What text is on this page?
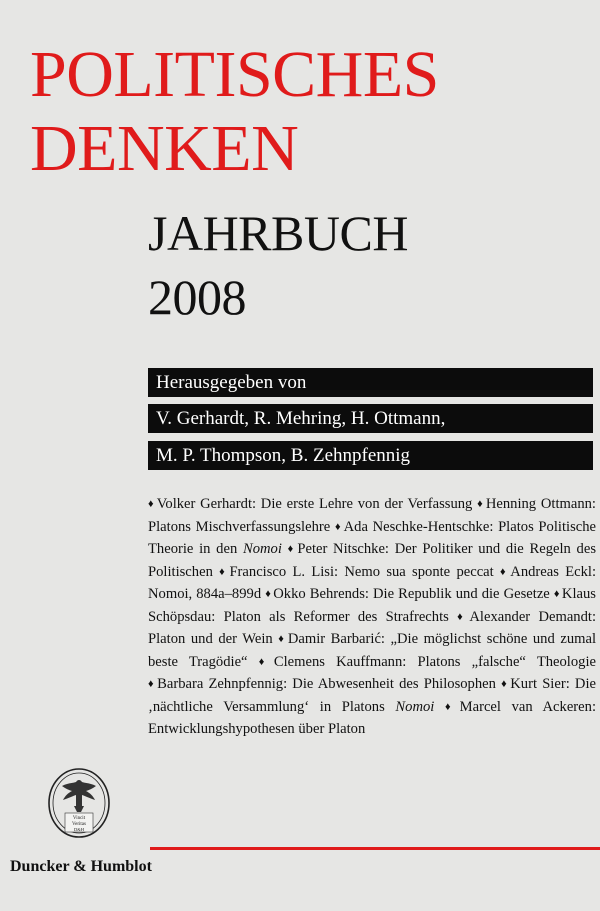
POLITISCHES
DENKEN
JAHRBUCH
2008
Herausgegeben von
V. Gerhardt, R. Mehring, H. Ottmann,
M. P. Thompson, B. Zehnpfennig

♦ Volker Gerhardt: Die erste Lehre von der Verfassung ♦ Henning Ottmann: Platons Mischverfassungslehre ♦ Ada Neschke-Hentschke: Platos Politische Theorie in den Nomoi ♦ Peter Nitschke: Der Politiker und die Regeln des Politischen ♦ Francisco L. Lisi: Nemo sua sponte peccat ♦ Andreas Eckl: Nomoi, 884a–899d ♦ Okko Behrends: Die Republik und die Gesetze ♦ Klaus Schöpsdau: Platon als Reformer des Strafrechts ♦ Alexander Demandt: Platon und der Wein ♦ Damir Barbarić: „Die möglichst schöne und zumal beste Tragödie“ ♦ Clemens Kauffmann: Platons „falsche“ Theologie ♦ Barbara Zehnpfennig: Die Abwesenheit des Philosophen ♦ Kurt Sier: Die ‚nächtliche Versammlung‘ in Platons Nomoi ♦ Marcel van Ackeren: Entwicklungshypothesen über Platon

Vincit
Veritas
D&H

Duncker & Humblot
